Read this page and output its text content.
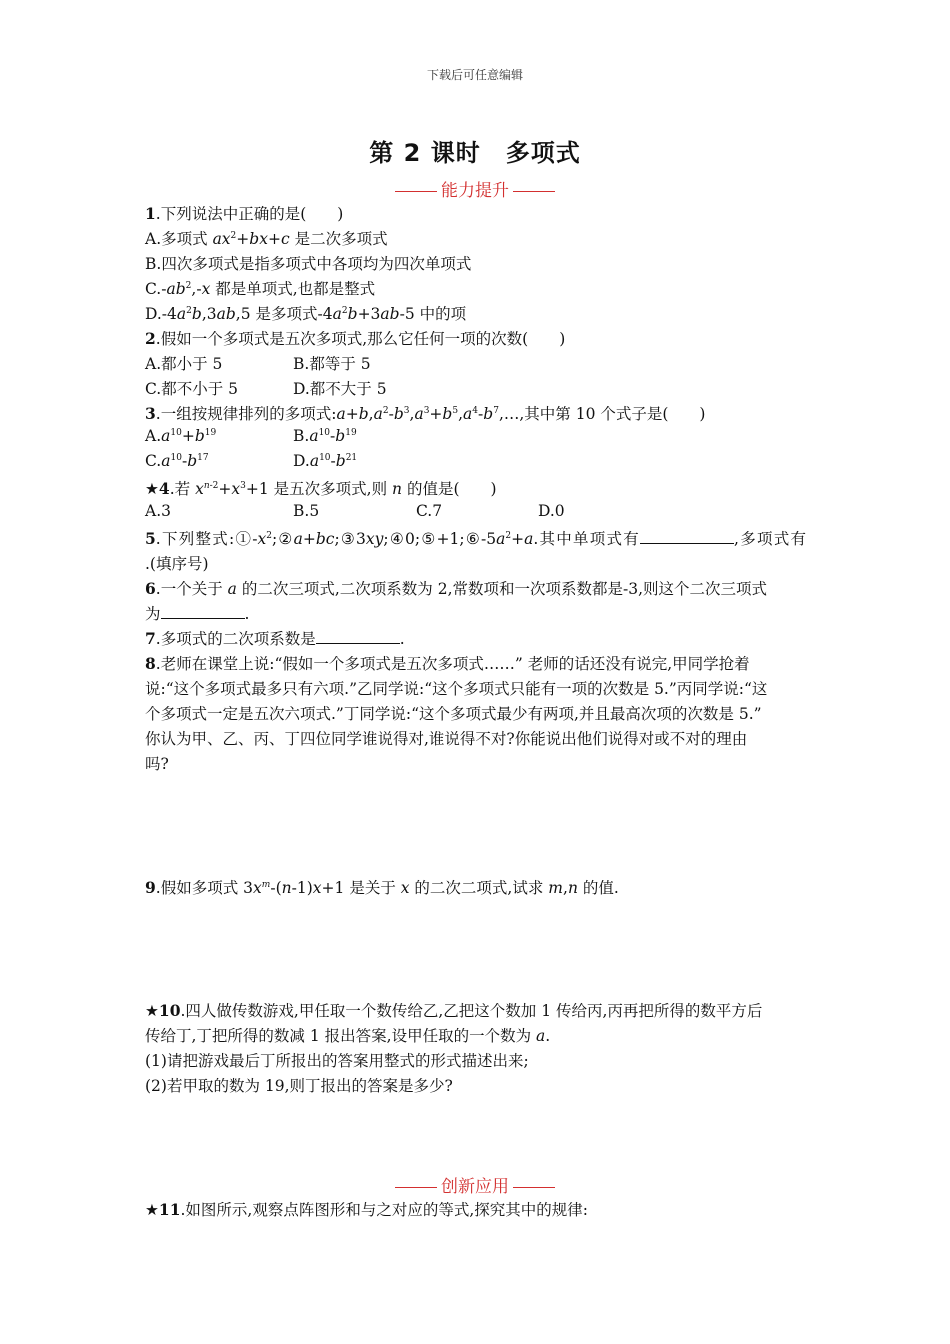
下载后可任意编辑
第 2 课时　多项式
能力提升
1.下列说法中正确的是(　　)
A.多项式 $ax^2+bx+c$ 是二次多项式
B.四次多项式是指多项式中各项均为四次单项式
$C.-ab^2,-x$ 都是单项式,也都是整式
$D.-4a^2b,3ab,5$ 是多项式$-4a^2b+3ab-5$ 中的项
2.假如一个多项式是五次多项式,那么它任何一项的次数(　　)
A.都小于 5	B.都等于 5
C.都不小于 5	D.都不大于 5
3.一组按规律排列的多项式$:a+b,a^2-b^3,a^3+b^5,a^4-b^7,\dots$,其中第 10 个式子是(　　)
$A.a^{10}+b^{19}$	$B.a^{10}-b^{19}$
$C.a^{10}-b^{17}$	$D.a^{10}-b^{21}$
★4.若 $x^{n-2}+x^3+1$ 是五次多项式,则 n 的值是(　　)
A.3	B.5	C.7	D.0
5.下列整式$:①-x^2;②a+bc;③3xy;④0;⑤+1;⑥-5a^2+a$.其中单项式有	,多项式有
.(填序号)
6.一个关于 a 的二次三项式,二次项系数为 2,常数项和一次项系数都是-3,则这个二次三项式
为	.
7.多项式的二次项系数是	.
8.老师在课堂上说:“假如一个多项式是五次多项式……” 老师的话还没有说完,甲同学抢着
说:“这个多项式最多只有六项.”乙同学说:“这个多项式只能有一项的次数是 5.”丙同学说:“这
个多项式一定是五次六项式.”丁同学说:“这个多项式最少有两项,并且最高次项的次数是 5.”
你认为甲、乙、丙、丁四位同学谁说得对,谁说得不对?你能说出他们说得对或不对的理由
吗?
9.假如多项式 $3x^m-(n-1)x+1$ 是关于 x 的二次二项式,试求 m,n 的值.
★10.四人做传数游戏,甲任取一个数传给乙,乙把这个数加 1 传给丙,丙再把所得的数平方后
传给丁,丁把所得的数减 1 报出答案,设甲任取的一个数为 a.
(1)请把游戏最后丁所报出的答案用整式的形式描述出来;
(2)若甲取的数为 19,则丁报出的答案是多少?
创新应用
★11.如图所示,观察点阵图形和与之对应的等式,探究其中的规律:
